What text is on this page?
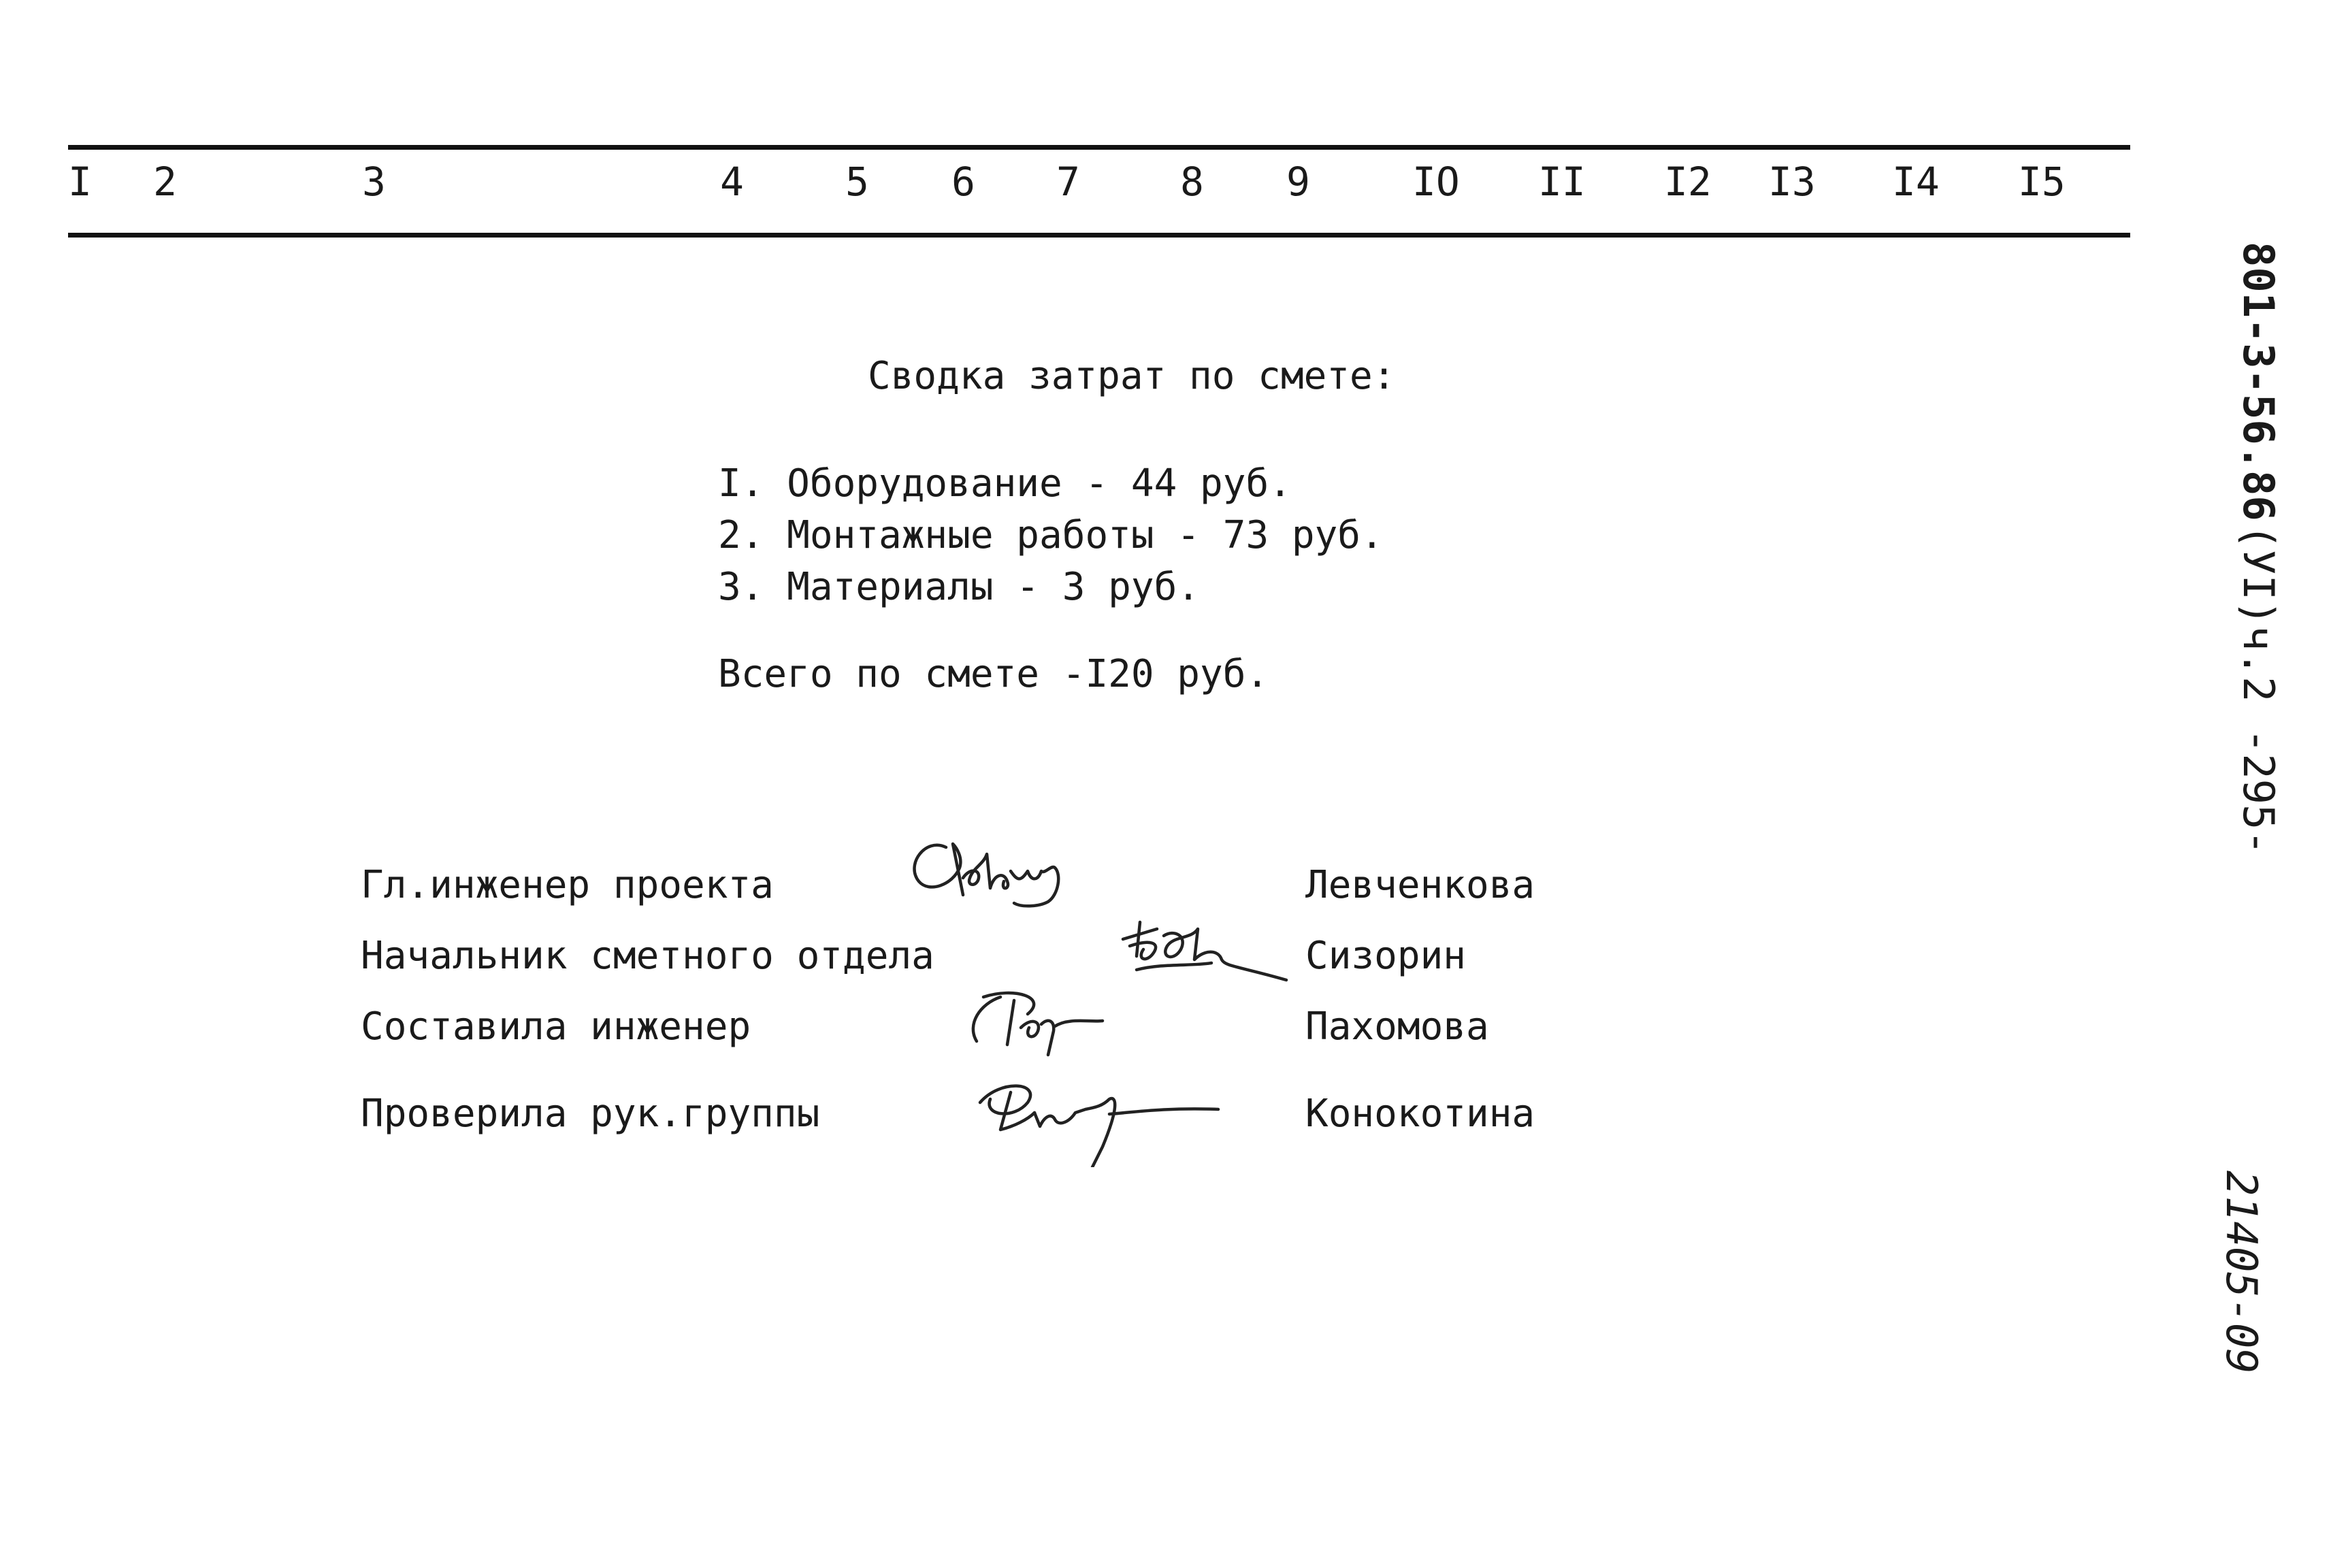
I 2	3	4	5 6 7	8 9	IO II I2 I3 I4 I5
Сводка затрат по смете:
I. Оборудование - 44 руб.
2. Монтажные работы - 73 руб.
3. Материалы - 3 руб.
Всего по смете -I20 руб.
Гл.инженер проекта	Левченкова
Начальник сметного отдела	Сизорин
Составила инженер	Пахомова
Проверила рук.группы	Конокотина
801-3-56.86
(УI)ч.2
-295-
21405-09
